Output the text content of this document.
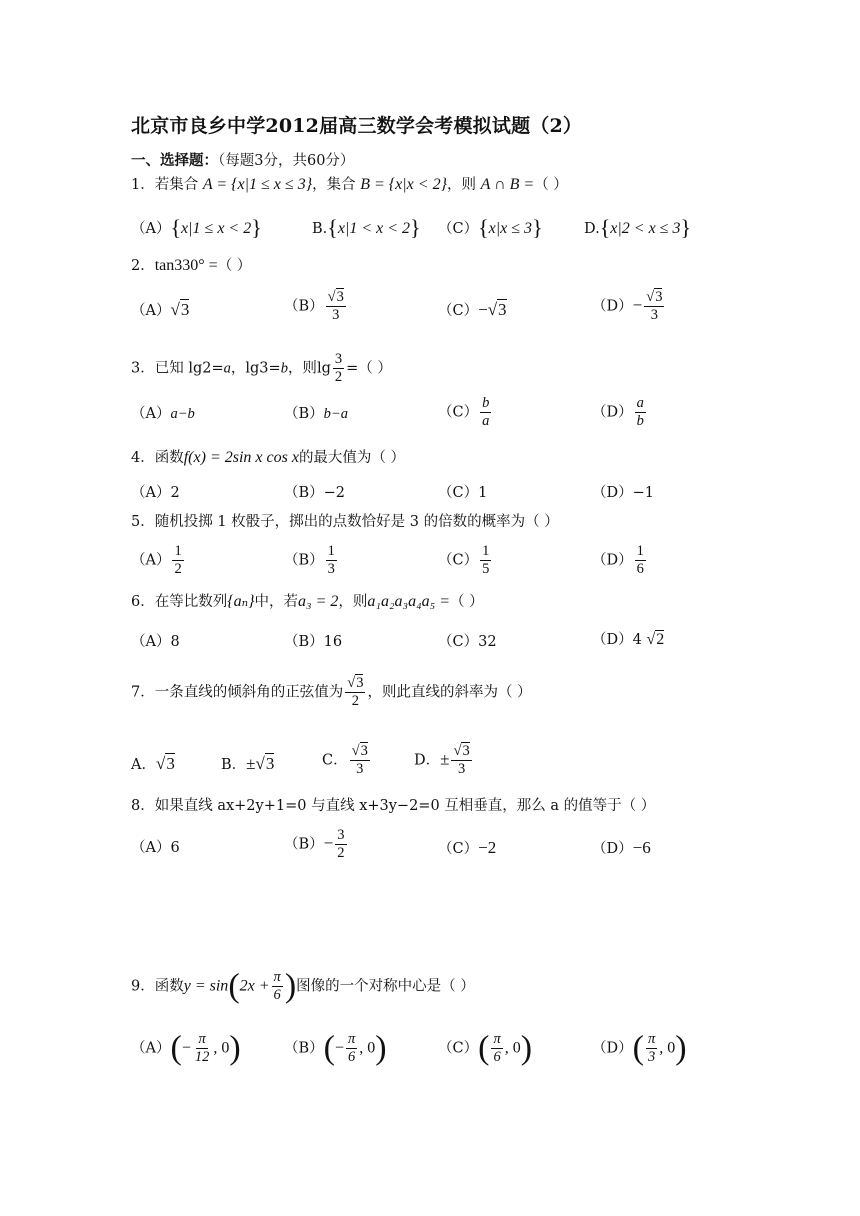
北京市良乡中学2012届高三数学会考模拟试题（2）
一、选择题：（每题3分，共60分）
1．若集合 A = {x|1 ≤ x ≤ 3}，集合 B = {x|x < 2}，则 A ∩ B =（ ）
（A）{x|1 ≤ x < 2}	B.{x|1 < x < 2} （C）{x|x ≤ 3}	D.{x|2 < x ≤ 3}
2．tan330° =（ ）
（A）√3	$(B) \frac{√3}{3}$	（C）−√3	$(D)- \frac{√3}{3}$
3．已知 lg2=a，lg3=b，则$\lg \frac{3}{2}$ =（ ）
（A）a−b	（B）b−a	$(C) \frac{b}{a}$	$(D) \frac{a}{b}$
4．函数f(x) = 2sin x cos x的最大值为（ ）
（A）2	（B）−2	（C）1	（D）−1
5．随机投掷 1 枚骰子，掷出的点数恰好是 3 的倍数的概率为（ ）
$(A) \frac{1}{2}$	$(B) \frac{1}{3}$	$(C) \frac{1}{5}$	$(D) \frac{1}{6}$
6．在等比数列{aₙ}中，若a₃ = 2，则a₁a₂a₃a₄a₅ =（ ）
（A）8	（B）16	（C）32	（D）4 √2
7．一条直线的倾斜角的正弦值为 $\frac{√3}{2}$ ，则此直线的斜率为（ ）
A．√3	B．±√3	C． $\frac{√3}{3}$	D．± $\frac{√3}{3}$
8．如果直线 ax+2y+1=0 与直线 x+3y−2=0 互相垂直，那么 a 的值等于（ ）
（A）6	$(B)- \frac{3}{2}$	（C）−2	（D）−6
9．函数$y = \sin(2x + \frac{\pi}{6}$ )图像的一个对称中心是（ ）
$(A)(- \frac{\pi}{12}$ , 0)	$(B)(- \frac{\pi}{6}$ , 0)	$(C)( \frac{\pi}{6}$ , 0)	$(D)( \frac{\pi}{3}$ , 0)
